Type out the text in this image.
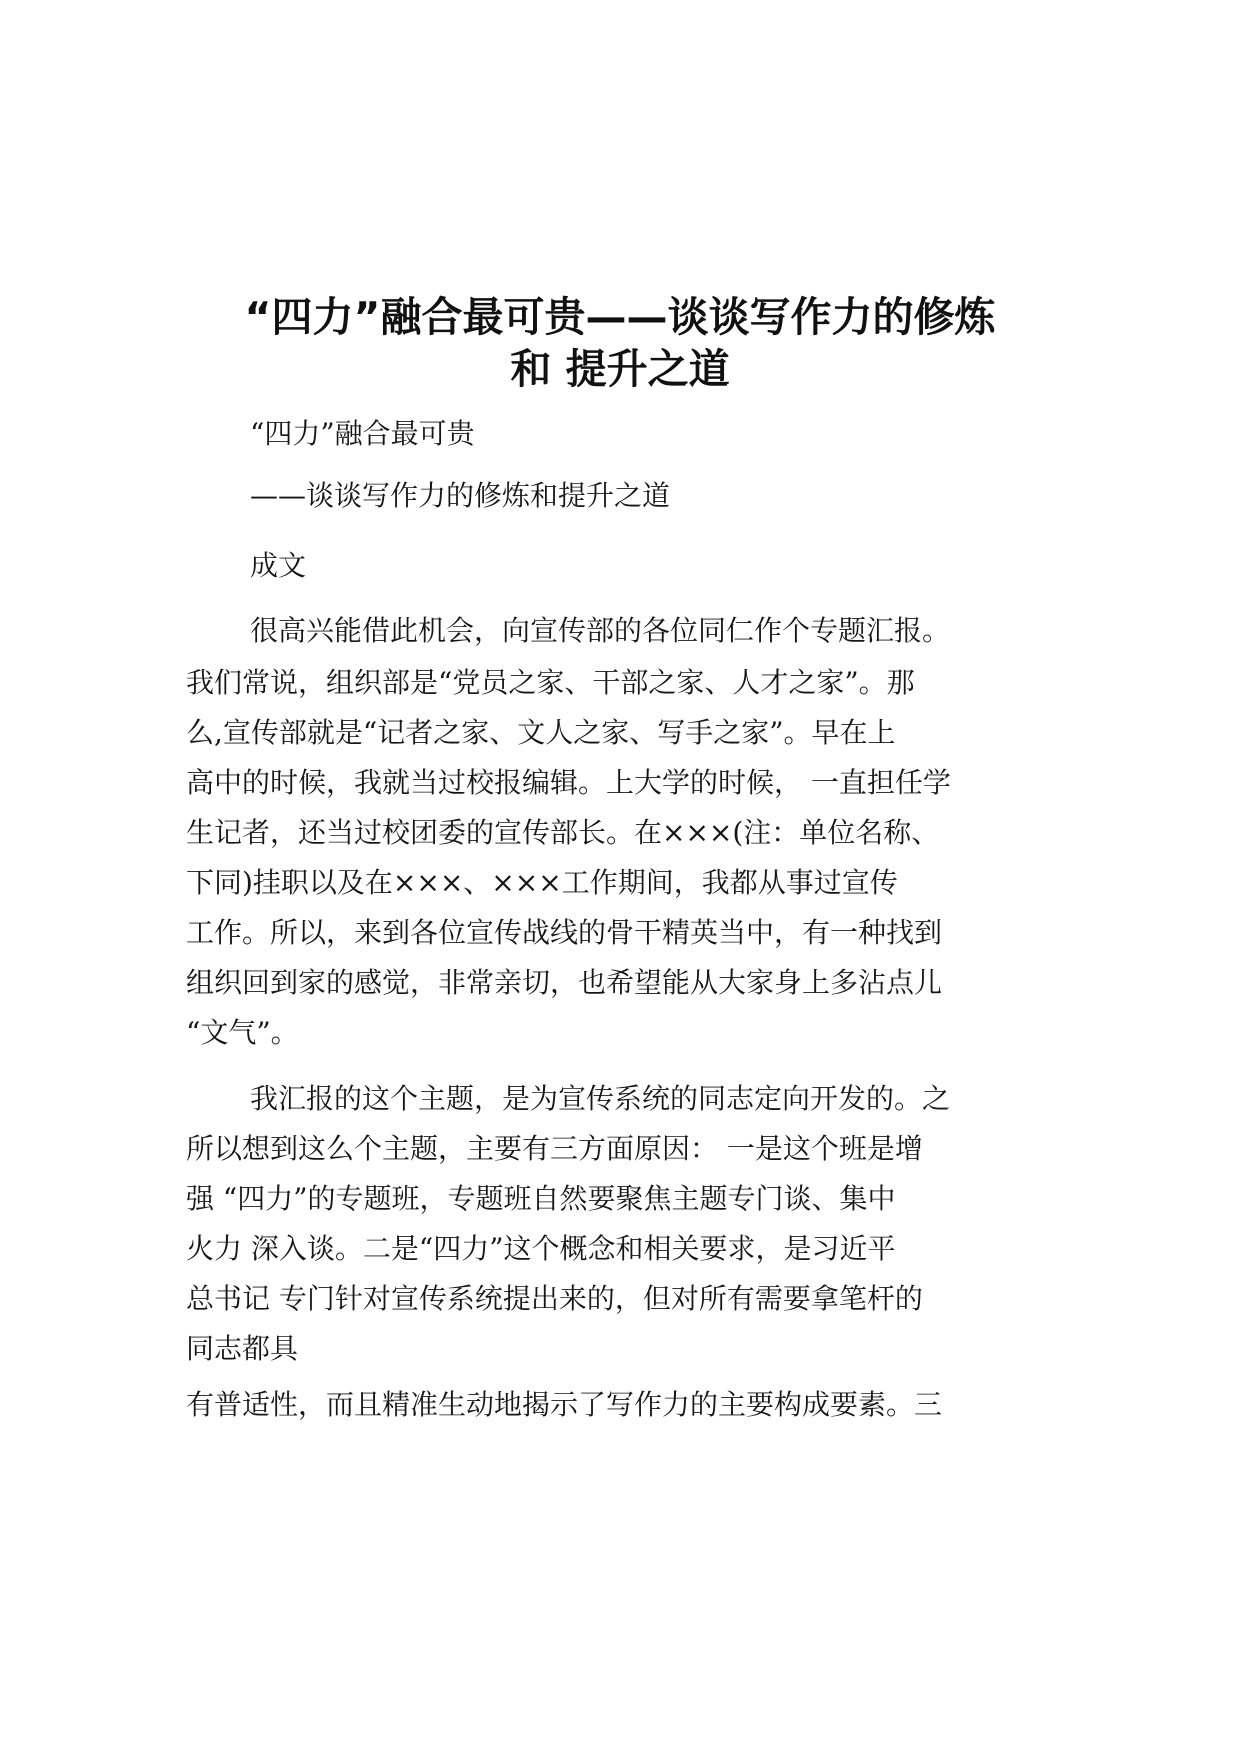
“四力”融合最可贵——谈谈写作力的修炼
和 提升之道
“四力”融合最可贵
——谈谈写作力的修炼和提升之道
成文
很高兴能借此机会，向宣传部的各位同仁作个专题汇报。
我们常说，组织部是“党员之家、干部之家、人才之家”。那
么,宣传部就是“记者之家、文人之家、写手之家”。早在上
高中的时候，我就当过校报编辑。上大学的时候， 一直担任学
生记者，还当过校团委的宣传部长。在×××(注：单位名称、
下同)挂职以及在×××、×××工作期间，我都从事过宣传
工作。所以，来到各位宣传战线的骨干精英当中，有一种找到
组织回到家的感觉，非常亲切，也希望能从大家身上多沾点儿
“文气”。
我汇报的这个主题，是为宣传系统的同志定向开发的。之
所以想到这么个主题，主要有三方面原因： 一是这个班是增
强 “四力”的专题班，专题班自然要聚焦主题专门谈、集中
火力 深入谈。二是“四力”这个概念和相关要求，是习近平
总书记 专门针对宣传系统提出来的，但对所有需要拿笔杆的
同志都具
有普适性，而且精准生动地揭示了写作力的主要构成要素。三
